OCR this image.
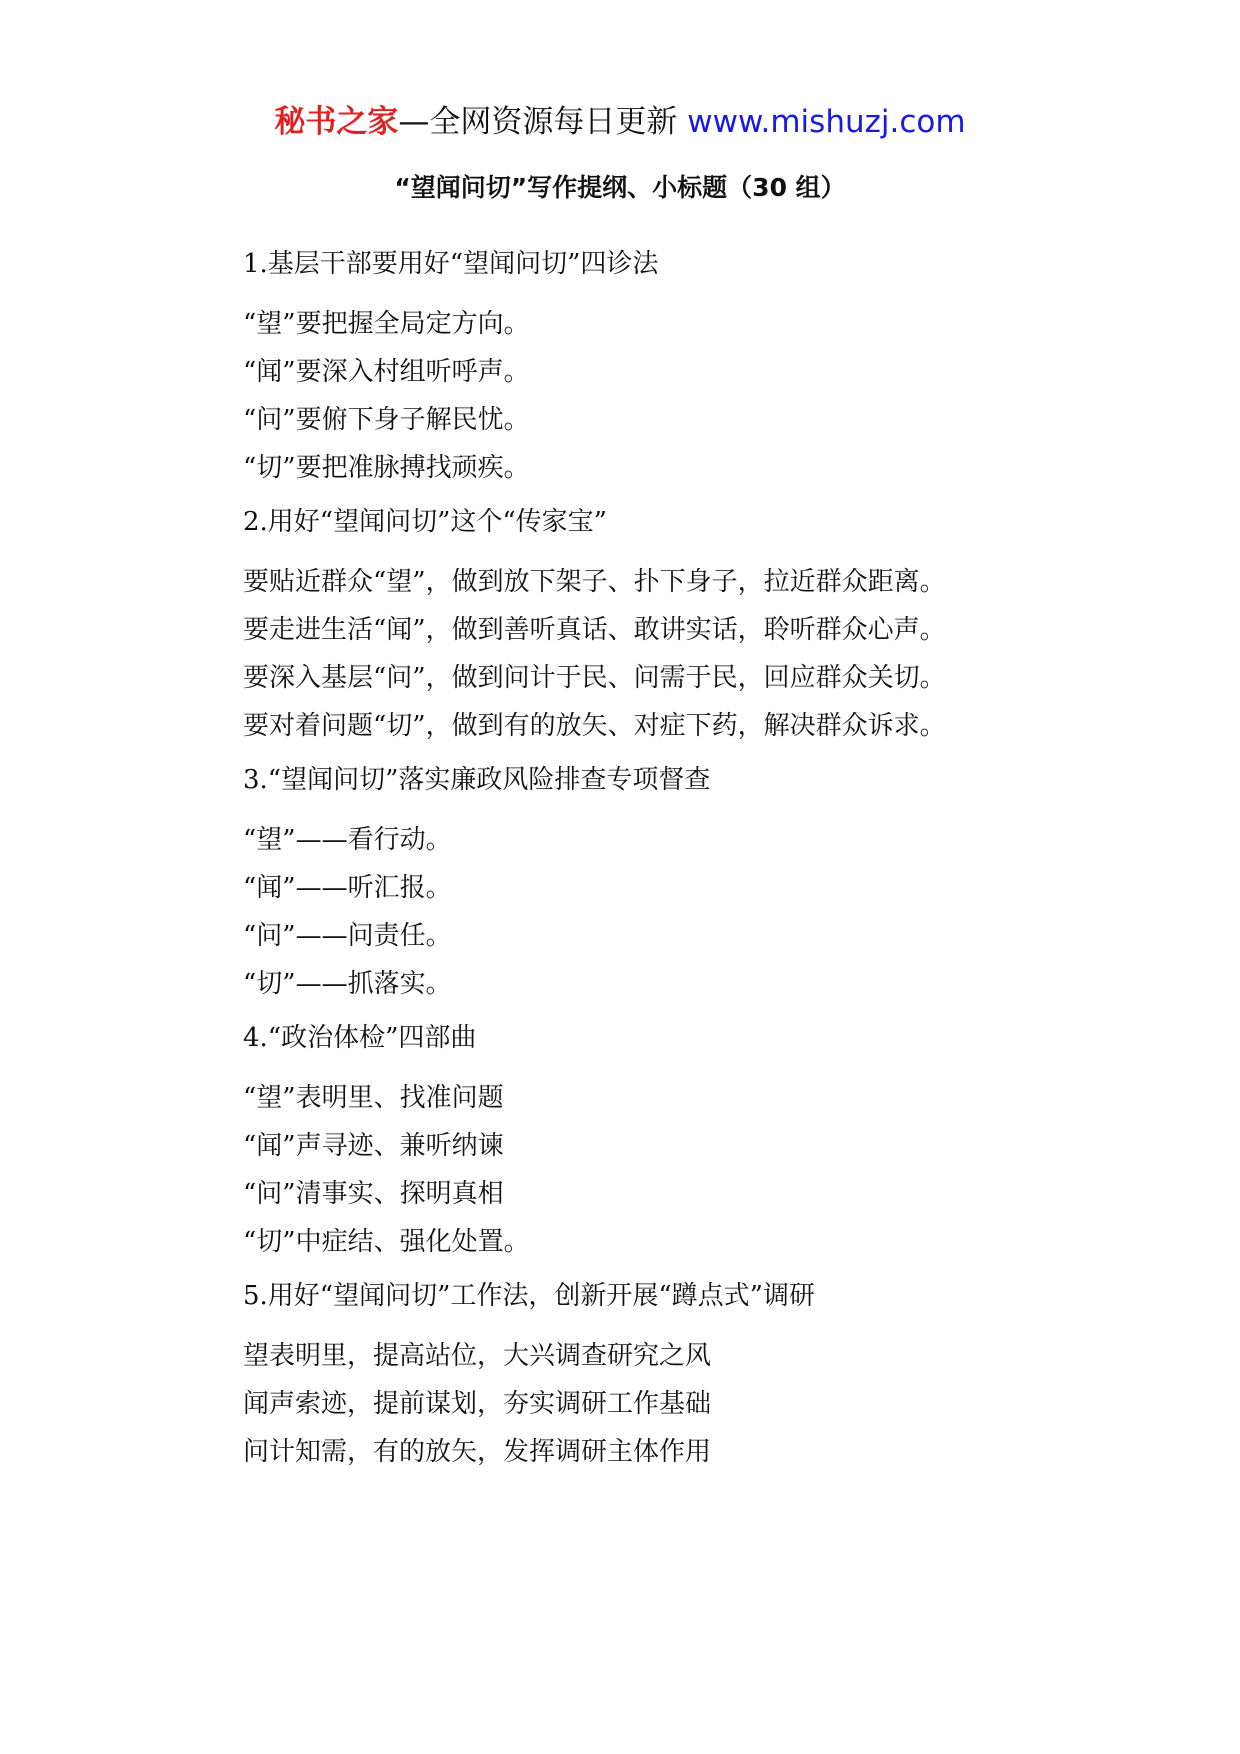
秘书之家—全网资源每日更新 www.mishuzj.com
“望闻问切”写作提纲、小标题（30 组）
1.基层干部要用好“望闻问切”四诊法
“望”要把握全局定方向。
“闻”要深入村组听呼声。
“问”要俯下身子解民忧。
“切”要把准脉搏找顽疾。
2.用好“望闻问切”这个“传家宝”
要贴近群众“望”，做到放下架子、扑下身子，拉近群众距离。
要走进生活“闻”，做到善听真话、敢讲实话，聆听群众心声。
要深入基层“问”，做到问计于民、问需于民，回应群众关切。
要对着问题“切”，做到有的放矢、对症下药，解决群众诉求。
3.“望闻问切”落实廉政风险排查专项督查
“望”——看行动。
“闻”——听汇报。
“问”——问责任。
“切”——抓落实。
4.“政治体检”四部曲
“望”表明里、找准问题
“闻”声寻迹、兼听纳谏
“问”清事实、探明真相
“切”中症结、强化处置。
5.用好“望闻问切”工作法，创新开展“蹲点式”调研
望表明里，提高站位，大兴调查研究之风
闻声索迹，提前谋划，夯实调研工作基础
问计知需，有的放矢，发挥调研主体作用
